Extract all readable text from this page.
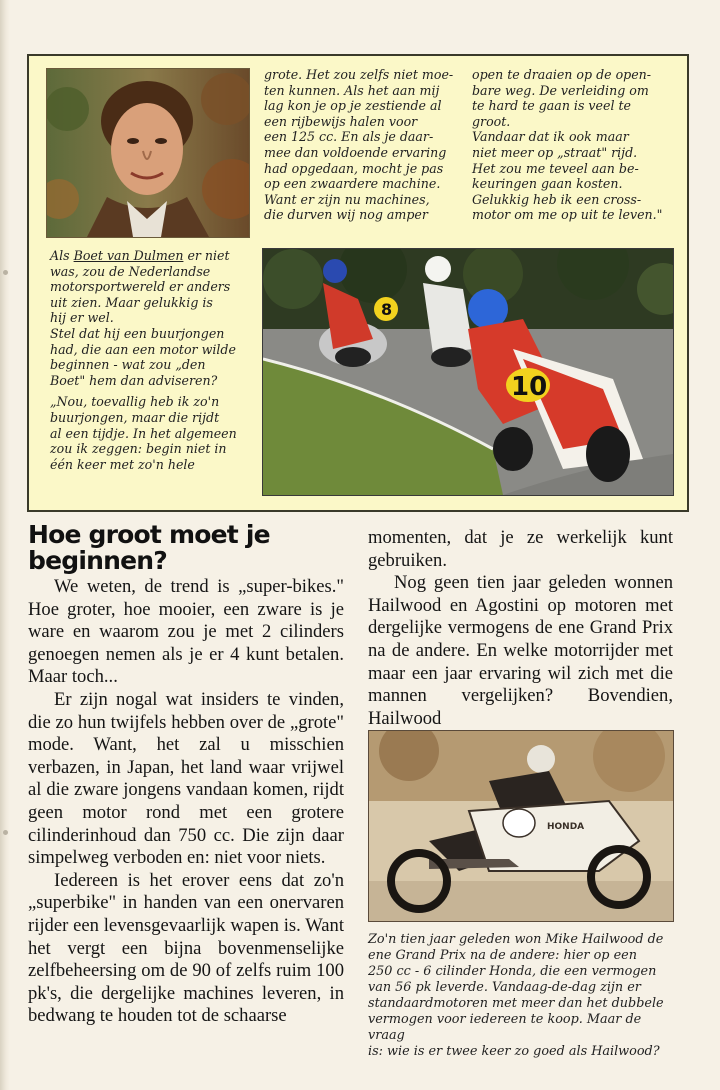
grote. Het zou zelfs niet moe-

ten kunnen. Als het aan mij

lag kon je op je zestiende al

een rijbewijs halen voor

een 125 cc. En als je daar-

mee dan voldoende ervaring

had opgedaan, mocht je pas

op een zwaardere machine.

Want er zijn nu machines,

die durven wij nog amper

open te draaien op de open-

bare weg. De verleiding om

te hard te gaan is veel te

groot.

Vandaar dat ik ook maar

niet meer op „straat" rijd.

Het zou me teveel aan be-

keuringen gaan kosten.

Gelukkig heb ik een cross-

motor om me op uit te leven."

Als Boet van Dulmen er niet

was, zou de Nederlandse

motorsportwereld er anders

uit zien. Maar gelukkig is

hij er wel.

Stel dat hij een buurjongen

had, die aan een motor wilde

beginnen - wat zou „den

Boet" hem dan adviseren?

„Nou, toevallig heb ik zo'n

buurjongen, maar die rijdt

al een tijdje. In het algemeen

zou ik zeggen: begin niet in

één keer met zo'n hele

8
10
Hoe groot moet je
beginnen?

We weten, de trend is „super-bikes." Hoe groter, hoe mooier, een zware is je ware en waarom zou je met 2 cilinders genoegen nemen als je er 4 kunt betalen. Maar toch...

Er zijn nogal wat insiders te vinden, die zo hun twijfels hebben over de „grote" mode. Want, het zal u misschien verbazen, in Japan, het land waar vrijwel al die zware jongens vandaan komen, rijdt geen motor rond met een grotere cilinderinhoud dan 750 cc. Die zijn daar simpelweg verboden en: niet voor niets.

Iedereen is het erover eens dat zo'n „superbike" in handen van een onervaren rijder een levensgevaarlijk wapen is. Want het vergt een bijna bovenmenselijke zelfbeheersing om de 90 of zelfs ruim 100 pk's, die dergelijke machines leveren, in bedwang te houden tot de schaarse

momenten, dat je ze werkelijk kunt gebruiken.

Nog geen tien jaar geleden wonnen Hailwood en Agostini op motoren met dergelijke vermogens de ene Grand Prix na de andere. En welke motorrijder met maar een jaar ervaring wil zich met die mannen vergelijken? Bovendien, Hailwood

HONDA

Zo'n tien jaar geleden won Mike Hailwood de

ene Grand Prix na de andere: hier op een

250 cc - 6 cilinder Honda, die een vermogen

van 56 pk leverde. Vandaag-de-dag zijn er

standaardmotoren met meer dan het dubbele

vermogen voor iedereen te koop. Maar de vraag

is: wie is er twee keer zo goed als Hailwood?
